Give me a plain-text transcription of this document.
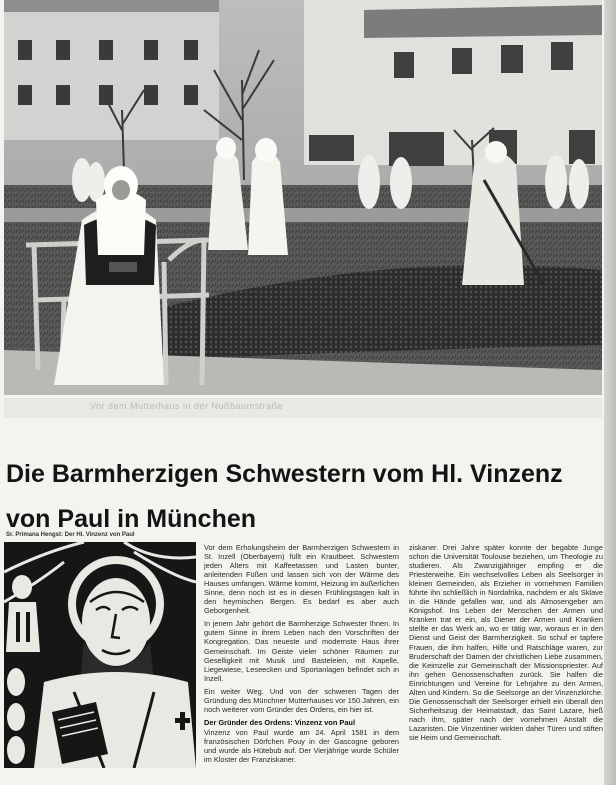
Vor dem Mutterhaus in der Nußbaumstraße
Die Barmherzigen Schwestern vom Hl. Vinzenz von Paul in München
Sr. Primana Hengst: Der Hl. Vinzenz von Paul

Vor dem Erholungsheim der Barmherzigen Schwestern in St. Inzell (Oberbayern) füllt ein Krautbeet. Schwestern jeden Alters mit Kaffeetassen und Lasten bunter, anleitenden Füßen und lassen sich von der Wärme des Hauses umfangen. Wärme kommt, Heizung im äußerlichen Sinne, denn noch ist es in diesen Frühlingstagen kalt in den heyrnischen Bergen. Es bedarf es aber auch Geborgenheit.

In jenem Jahr gehört die Barmherzige Schwester Ihnen. In gutem Sinne in ihrem Leben nach den Vorschriften der Kongregation. Das neueste und modernste Haus ihrer Gemeinschaft. Im Geiste vieler schöner Räumen zur Geselligkeit mit Musik und Basteleien, mit Kapelle, Liegewiese, Leseecken und Sportanlagen befindet sich in Inzell.

Ein weiter Weg. Und von der schweren Tagen der Gründung des Münchner Mutterhauses vor 150 Jahren, ein noch weiterer vom Gründer des Ordens, ein hier ist.

Der Gründer des Ordens: Vinzenz von Paul

Vinzenz von Paul wurde am 24. April 1581 in dem französischen Dörfchen Pouy in der Gascogne geboren und wurde als Hütebub auf. Der Vierjährige wurde Schüler im Kloster der Franziskaner.

ziskaner. Drei Jahre später konnte der begabte Junge schon die Universität Toulouse beziehen, um Theologie zu studieren. Als Zwanzigjähriger empfing er die Priesterweihe. Ein wechselvolles Leben als Seelsorger in kleinen Gemeinden, als Erzieher in vornehmen Familien führte ihn schließlich in Nordafrika, nachdem er als Sklave in die Hände gefallen war, und als Almosengeber am Königshof. Ins Leben der Menschen der Armen und Kranken trat er ein, als Diener der Armen und Kranken stellte er das Werk an, wo er tätig war, woraus er in den Dienst und Geist der Barmherzigkeit. So schuf er tapfere Frauen, die ihm halfen, Hilfe und Ratschläge waren, zur Bruderschaft der Damen der christlichen Liebe zusammen, die Keimzelle zur Gemeinschaft der Missionspriester. Auf ihn gehen Genossenschaften zurück. Sie halfen die Einrichtungen und Vereine für Lehrjahre zu den Armen, Alten und Kindern. So die Seelsorge an der Vinzenzkirche. Die Genossenschaft der Seelsorger erhielt ein überall den Sicherheitszug der Heimatstadt, das Saint Lazare, hieß nach ihm, später nach der vornehmen Anstalt die Lazaristen. Die Vinzentiner wirkten daher Türen und stiften sie Heim und Gemeinschaft.
